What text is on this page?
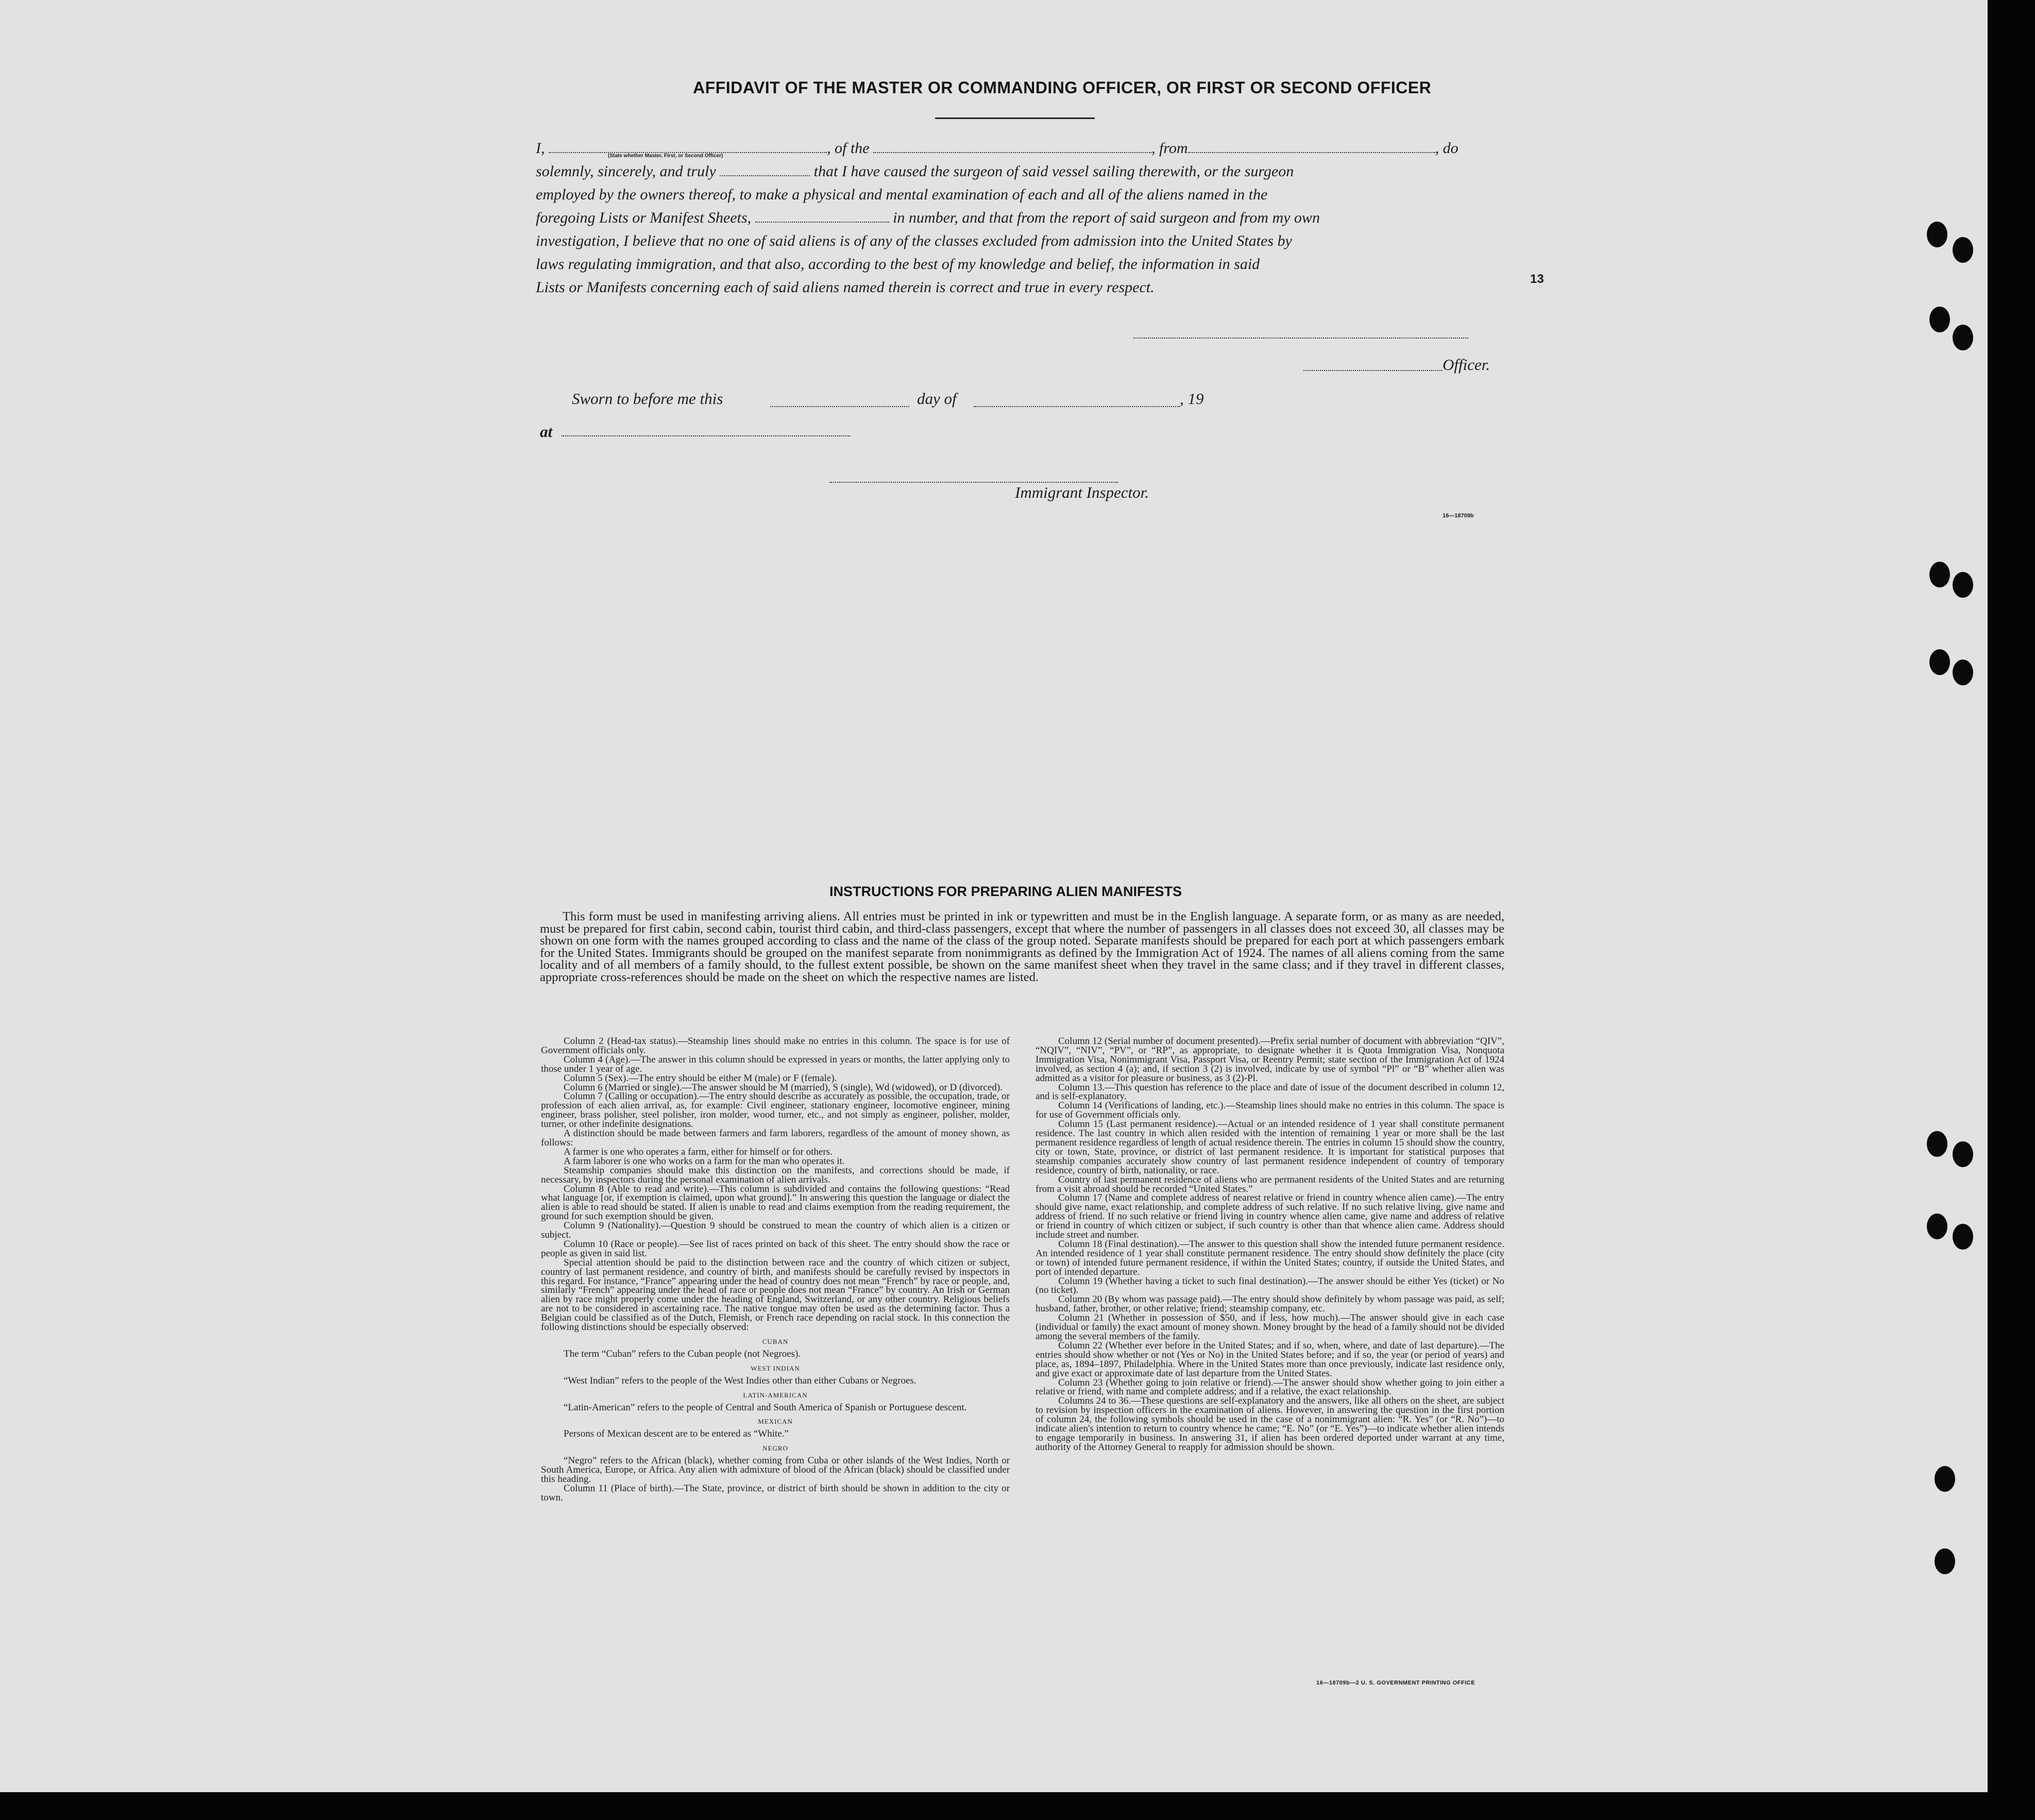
AFFIDAVIT OF THE MASTER OR COMMANDING OFFICER, OR FIRST OR SECOND OFFICER
I,	, of the	, from	, do
solemnly, sincerely, and truly	that I have caused the surgeon of said vessel sailing therewith, or the surgeon
employed by the owners thereof, to make a physical and mental examination of each and all of the aliens named in the
foregoing Lists or Manifest Sheets,	in number, and that from the report of said surgeon and from my own
investigation, I believe that no one of said aliens is of any of the classes excluded from admission into the United States by
laws regulating immigration, and that also, according to the best of my knowledge and belief, the information in said
Lists or Manifests concerning each of said aliens named therein is correct and true in every respect.
(State whether Master, First, or Second Officer)
13
Officer.
Sworn to before me this	day of	, 19
at
Immigrant Inspector.
16—18709b
INSTRUCTIONS FOR PREPARING ALIEN MANIFESTS
This form must be used in manifesting arriving aliens. All entries must be printed in ink or typewritten and must be in the English language. A separate form, or as many as are needed, must be prepared for first cabin, second cabin, tourist third cabin, and third-class passengers, except that where the number of passengers in all classes does not exceed 30, all classes may be shown on one form with the names grouped according to class and the name of the class of the group noted. Separate manifests should be prepared for each port at which passengers embark for the United States. Immigrants should be grouped on the manifest separate from nonimmigrants as defined by the Immigration Act of 1924. The names of all aliens coming from the same locality and of all members of a family should, to the fullest extent possible, be shown on the same manifest sheet when they travel in the same class; and if they travel in different classes, appropriate cross-references should be made on the sheet on which the respective names are listed.

Column 2 (Head-tax status).—Steamship lines should make no entries in this column. The space is for use of Government officials only.

Column 4 (Age).—The answer in this column should be expressed in years or months, the latter applying only to those under 1 year of age.

Column 5 (Sex).—The entry should be either M (male) or F (female).

Column 6 (Married or single).—The answer should be M (married), S (single), Wd (widowed), or D (divorced).

Column 7 (Calling or occupation).—The entry should describe as accurately as possible, the occupation, trade, or profession of each alien arrival, as, for example: Civil engineer, stationary engineer, locomotive engineer, mining engineer, brass polisher, steel polisher, iron molder, wood turner, etc., and not simply as engineer, polisher, molder, turner, or other indefinite designations.

A distinction should be made between farmers and farm laborers, regardless of the amount of money shown, as follows:

A farmer is one who operates a farm, either for himself or for others.

A farm laborer is one who works on a farm for the man who operates it.

Steamship companies should make this distinction on the manifests, and corrections should be made, if necessary, by inspectors during the personal examination of alien arrivals.

Column 8 (Able to read and write).—This column is subdivided and contains the following questions: “Read what language [or, if exemption is claimed, upon what ground].” In answering this question the language or dialect the alien is able to read should be stated. If alien is unable to read and claims exemption from the reading requirement, the ground for such exemption should be given.

Column 9 (Nationality).—Question 9 should be construed to mean the country of which alien is a citizen or subject.

Column 10 (Race or people).—See list of races printed on back of this sheet. The entry should show the race or people as given in said list.

Special attention should be paid to the distinction between race and the country of which citizen or subject, country of last permanent residence, and country of birth, and manifests should be carefully revised by inspectors in this regard. For instance, “France” appearing under the head of country does not mean “French” by race or people, and, similarly “French” appearing under the head of race or people does not mean “France” by country. An Irish or German alien by race might properly come under the heading of England, Switzerland, or any other country. Religious beliefs are not to be considered in ascertaining race. The native tongue may often be used as the determining factor. Thus a Belgian could be classified as of the Dutch, Flemish, or French race depending on racial stock. In this connection the following distinctions should be especially observed:

CUBAN

The term “Cuban” refers to the Cuban people (not Negroes).

WEST INDIAN

“West Indian” refers to the people of the West Indies other than either Cubans or Negroes.

LATIN-AMERICAN

“Latin-American” refers to the people of Central and South America of Spanish or Portuguese descent.

MEXICAN

Persons of Mexican descent are to be entered as “White.”

NEGRO

“Negro” refers to the African (black), whether coming from Cuba or other islands of the West Indies, North or South America, Europe, or Africa. Any alien with admixture of blood of the African (black) should be classified under this heading.

Column 11 (Place of birth).—The State, province, or district of birth should be shown in addition to the city or town.

Column 12 (Serial number of document presented).—Prefix serial number of document with abbreviation “QIV”, “NQIV”, “NIV”, “PV”, or “RP”, as appropriate, to designate whether it is Quota Immigration Visa, Nonquota Immigration Visa, Nonimmigrant Visa, Passport Visa, or Reentry Permit; state section of the Immigration Act of 1924 involved, as section 4 (a); and, if section 3 (2) is involved, indicate by use of symbol “Pl” or “B” whether alien was admitted as a visitor for pleasure or business, as 3 (2)-Pl.

Column 13.—This question has reference to the place and date of issue of the document described in column 12, and is self-explanatory.

Column 14 (Verifications of landing, etc.).—Steamship lines should make no entries in this column. The space is for use of Government officials only.

Column 15 (Last permanent residence).—Actual or an intended residence of 1 year shall constitute permanent residence. The last country in which alien resided with the intention of remaining 1 year or more shall be the last permanent residence regardless of length of actual residence therein. The entries in column 15 should show the country, city or town, State, province, or district of last permanent residence. It is important for statistical purposes that steamship companies accurately show country of last permanent residence independent of country of temporary residence, country of birth, nationality, or race.

Country of last permanent residence of aliens who are permanent residents of the United States and are returning from a visit abroad should be recorded “United States.”

Column 17 (Name and complete address of nearest relative or friend in country whence alien came).—The entry should give name, exact relationship, and complete address of such relative. If no such relative living, give name and address of friend. If no such relative or friend living in country whence alien came, give name and address of relative or friend in country of which citizen or subject, if such country is other than that whence alien came. Address should include street and number.

Column 18 (Final destination).—The answer to this question shall show the intended future permanent residence. An intended residence of 1 year shall constitute permanent residence. The entry should show definitely the place (city or town) of intended future permanent residence, if within the United States; country, if outside the United States, and port of intended departure.

Column 19 (Whether having a ticket to such final destination).—The answer should be either Yes (ticket) or No (no ticket).

Column 20 (By whom was passage paid).—The entry should show definitely by whom passage was paid, as self; husband, father, brother, or other relative; friend; steamship company, etc.

Column 21 (Whether in possession of $50, and if less, how much).—The answer should give in each case (individual or family) the exact amount of money shown. Money brought by the head of a family should not be divided among the several members of the family.

Column 22 (Whether ever before in the United States; and if so, when, where, and date of last departure).—The entries should show whether or not (Yes or No) in the United States before; and if so, the year (or period of years) and place, as, 1894–1897, Philadelphia. Where in the United States more than once previously, indicate last residence only, and give exact or approximate date of last departure from the United States.

Column 23 (Whether going to join relative or friend).—The answer should show whether going to join either a relative or friend, with name and complete address; and if a relative, the exact relationship.

Columns 24 to 36.—These questions are self-explanatory and the answers, like all others on the sheet, are subject to revision by inspection officers in the examination of aliens. However, in answering the question in the first portion of column 24, the following symbols should be used in the case of a nonimmigrant alien: “R. Yes” (or “R. No”)—to indicate alien's intention to return to country whence he came; “E. No” (or “E. Yes”)—to indicate whether alien intends to engage temporarily in business. In answering 31, if alien has been ordered deported under warrant at any time, authority of the Attorney General to reapply for admission should be shown.

16—18709b—2 U. S. GOVERNMENT PRINTING OFFICE
